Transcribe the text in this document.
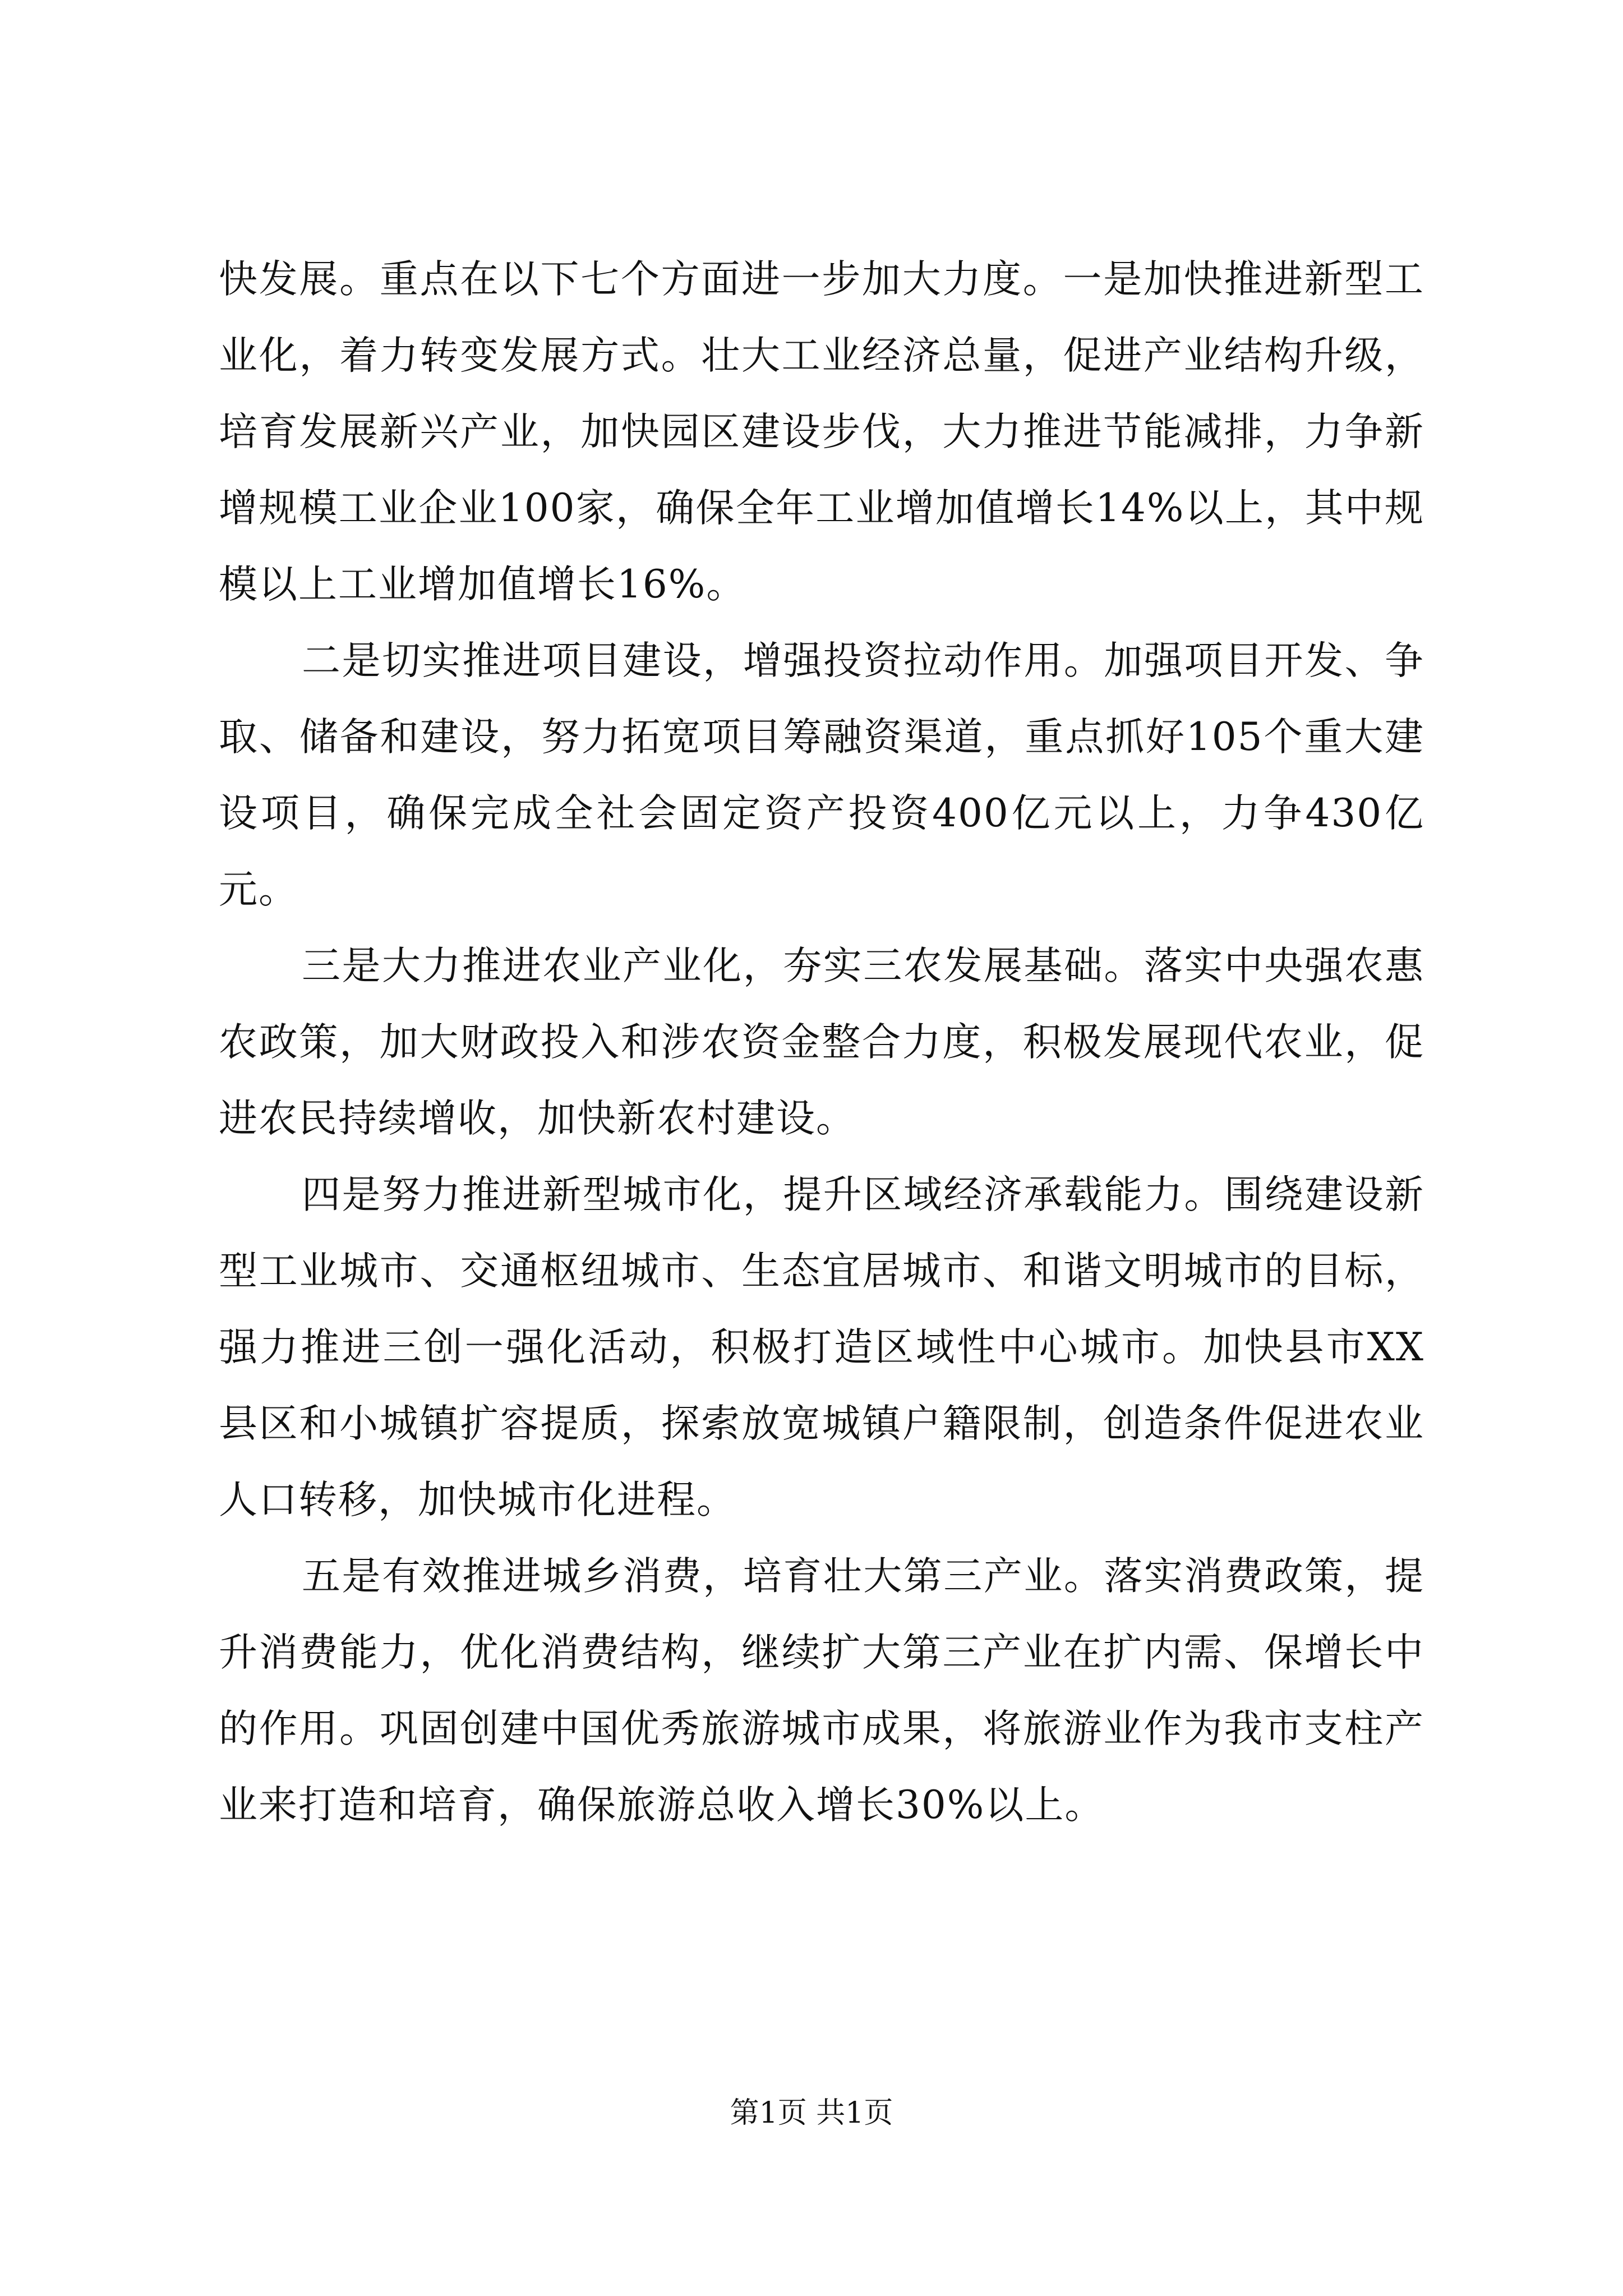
快发展。重点在以下七个方面进一步加大力度。一是加快推进新型工业化，着力转变发展方式。壮大工业经济总量，促进产业结构升级，培育发展新兴产业，加快园区建设步伐，大力推进节能减排，力争新增规模工业企业100家，确保全年工业增加值增长14%以上，其中规模以上工业增加值增长16%。

二是切实推进项目建设，增强投资拉动作用。加强项目开发、争取、储备和建设，努力拓宽项目筹融资渠道，重点抓好105个重大建设项目，确保完成全社会固定资产投资400亿元以上，力争430亿元。

三是大力推进农业产业化，夯实三农发展基础。落实中央强农惠农政策，加大财政投入和涉农资金整合力度，积极发展现代农业，促进农民持续增收，加快新农村建设。

四是努力推进新型城市化，提升区域经济承载能力。围绕建设新型工业城市、交通枢纽城市、生态宜居城市、和谐文明城市的目标，强力推进三创一强化活动，积极打造区域性中心城市。加快县市XX县区和小城镇扩容提质，探索放宽城镇户籍限制，创造条件促进农业人口转移，加快城市化进程。

五是有效推进城乡消费，培育壮大第三产业。落实消费政策，提升消费能力，优化消费结构，继续扩大第三产业在扩内需、保增长中的作用。巩固创建中国优秀旅游城市成果，将旅游业作为我市支柱产业来打造和培育，确保旅游总收入增长30%以上。

第1页 共1页
